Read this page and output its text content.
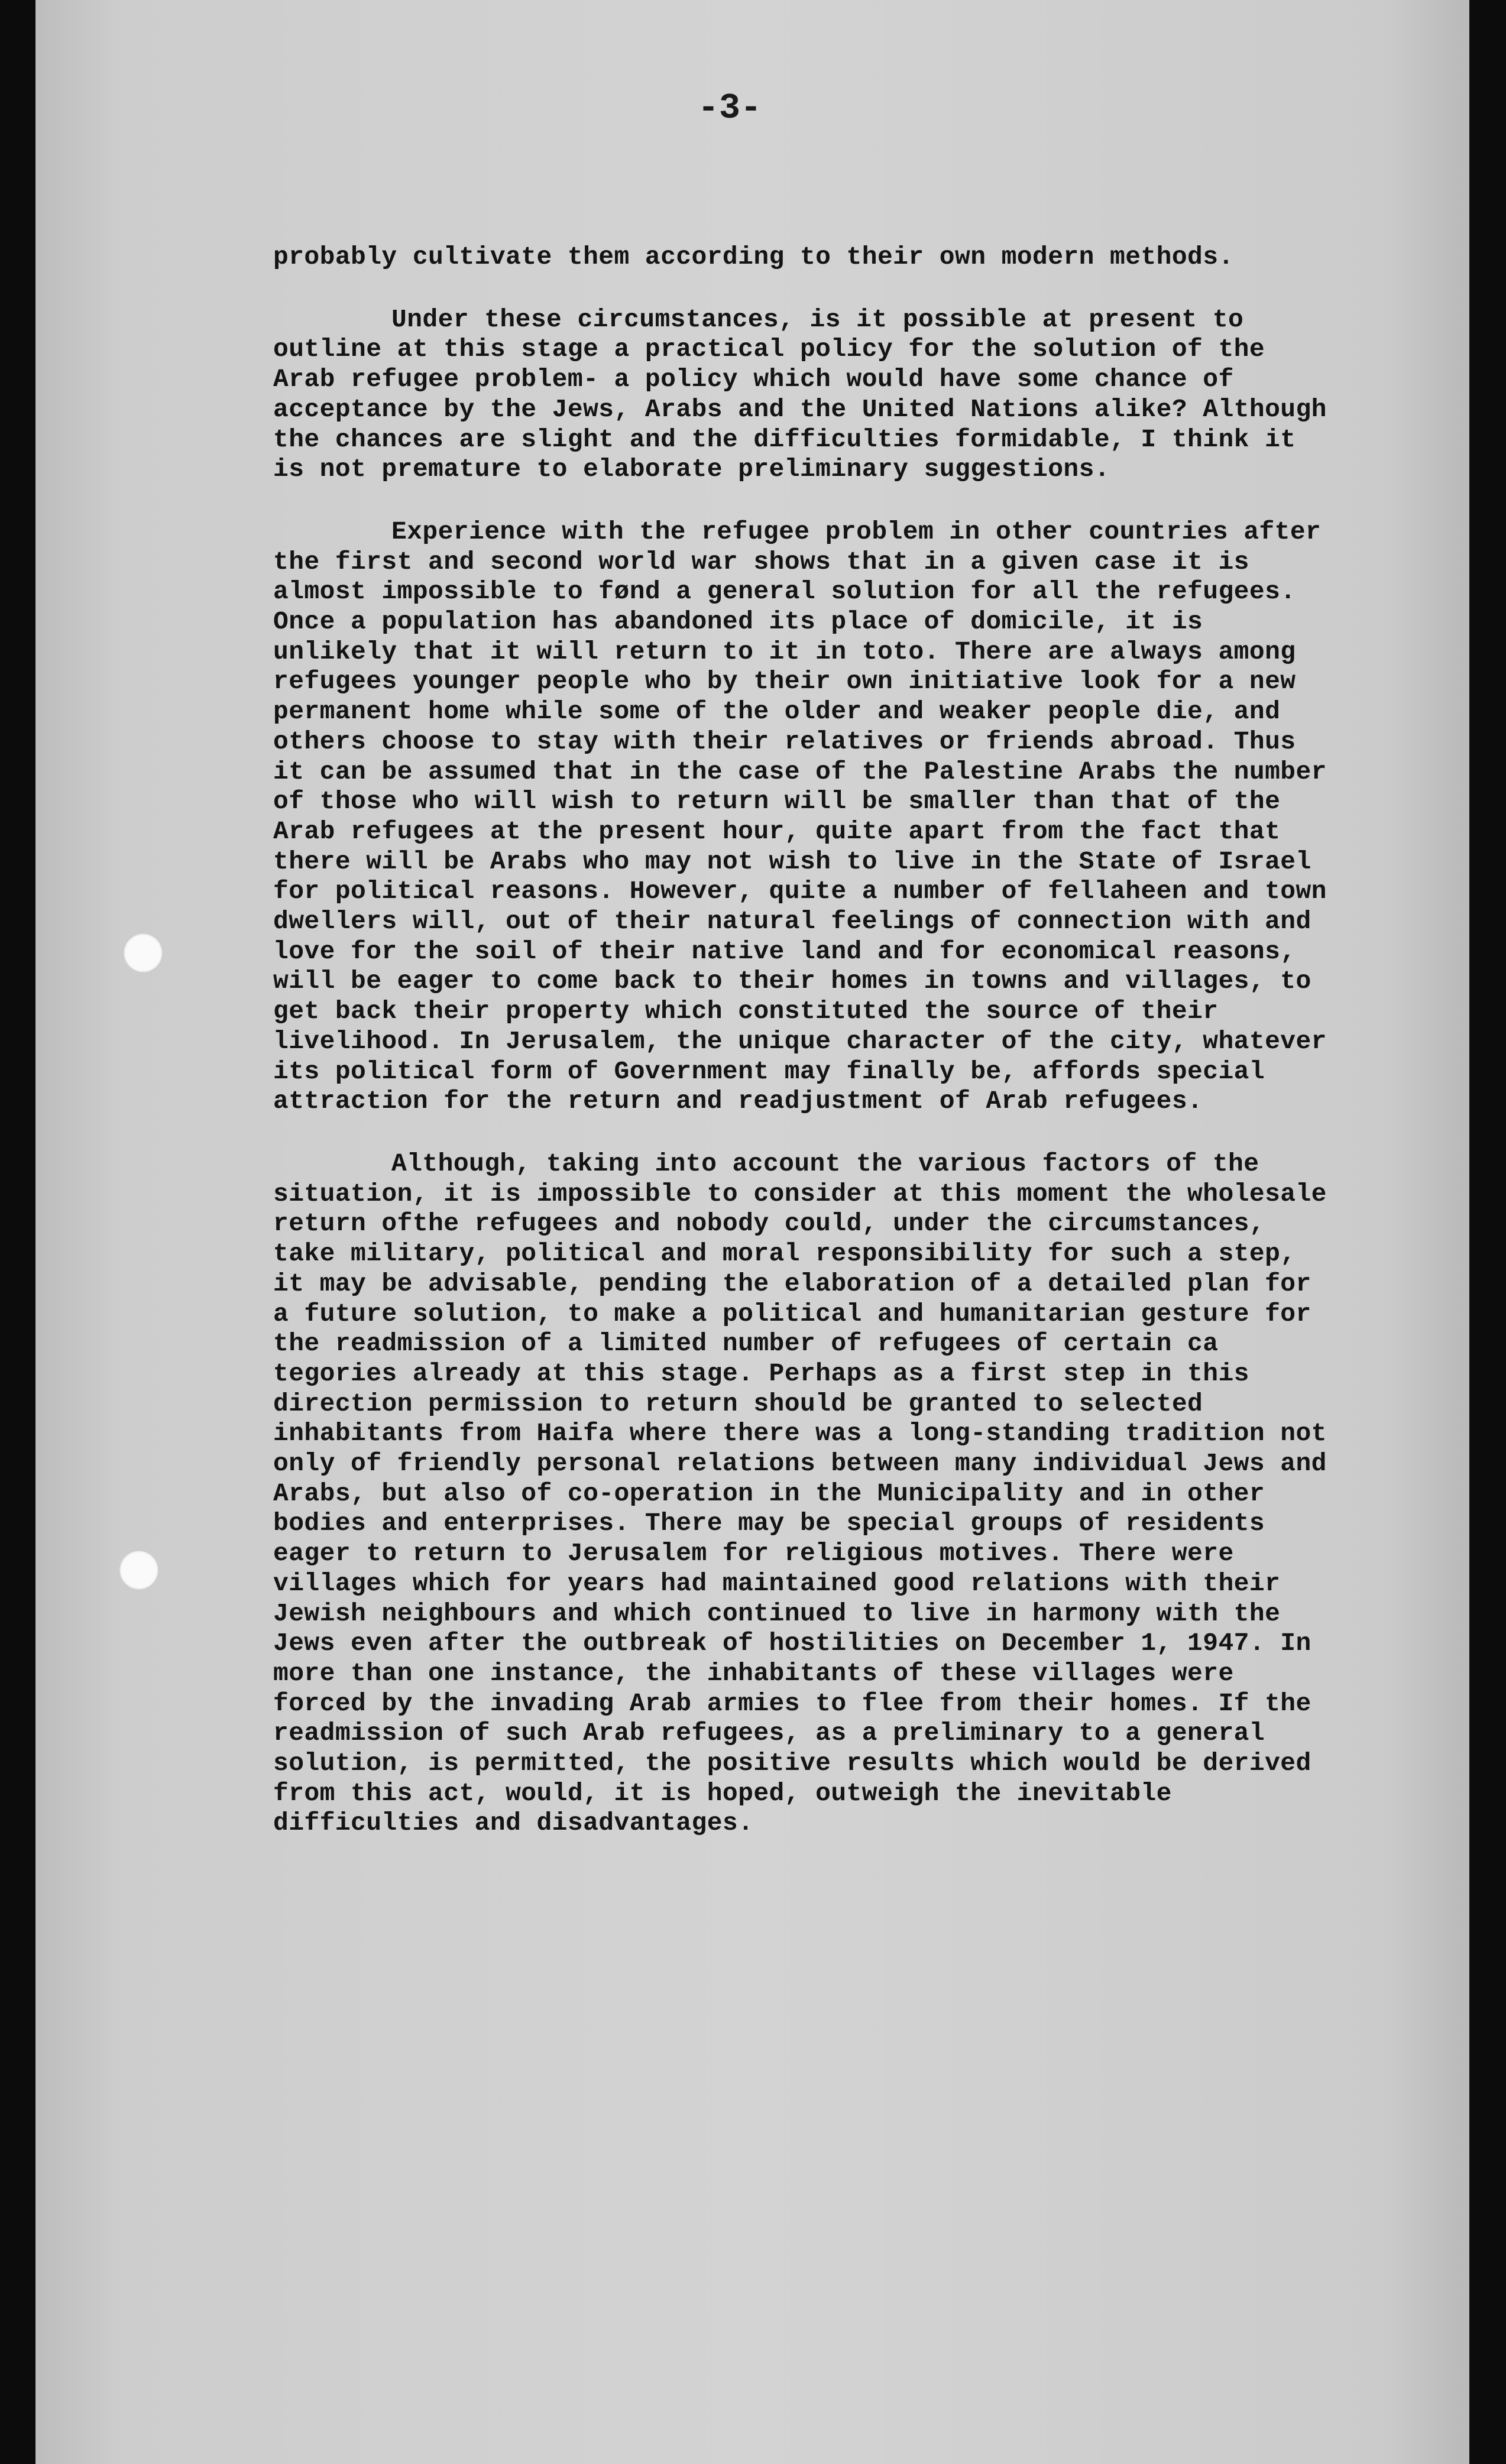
-3-

probably cultivate them according to their own modern methods.

Under these circumstances, is it possible at present to outline at this stage a practical policy for the solution of the Arab refugee problem- a policy which would have some chance of acceptance by the Jews, Arabs and the United Nations alike? Although the chances are slight and the difficulties formidable, I think it is not premature to elaborate preliminary suggestions.

Experience with the refugee problem in other countries after the first and second world war shows that in a given case it is almost impossible to fønd a general solution for all the refugees. Once a population has abandoned its place of domicile, it is unlikely that it will return to it in toto. There are always among refugees younger people who by their own initiative look for a new permanent home while some of the older and weaker people die, and others choose to stay with their relatives or friends abroad. Thus it can be assumed that in the case of the Palestine Arabs the number of those who will wish to return will be smaller than that of the Arab refugees at the present hour, quite apart from the fact that there will be Arabs who may not wish to live in the State of Israel for political reasons. However, quite a number of fellaheen and town dwellers will, out of their natural feelings of connection with and love for the soil of their native land and for economical reasons, will be eager to come back to their homes in towns and villages, to get back their property which constituted the source of their livelihood. In Jerusalem, the unique character of the city, whatever its political form of Government may finally be, affords special attraction for the return and readjustment of Arab refugees.

Although, taking into account the various factors of the situation, it is impossible to consider at this moment the wholesale return ofthe refugees and nobody could, under the circumstances, take military, political and moral responsibility for such a step, it may be advisable, pending the elaboration of a detailed plan for a future solution, to make a political and humanitarian gesture for the readmission of a limited number of refugees of certain ca tegories already at this stage. Perhaps as a first step in this direction permission to return should be granted to selected inhabitants from Haifa where there was a long-standing tradition not only of friendly personal relations between many individual Jews and Arabs, but also of co-operation in the Municipality and in other bodies and enterprises. There may be special groups of residents eager to return to Jerusalem for religious motives. There were villages which for years had maintained good relations with their Jewish neighbours and which continued to live in harmony with the Jews even after the outbreak of hostilities on December 1, 1947. In more than one instance, the inhabitants of these villages were forced by the invading Arab armies to flee from their homes. If the readmission of such Arab refugees, as a preliminary to a general solution, is permitted, the positive results which would be derived from this act, would, it is hoped, outweigh the inevitable difficulties and disadvantages.
